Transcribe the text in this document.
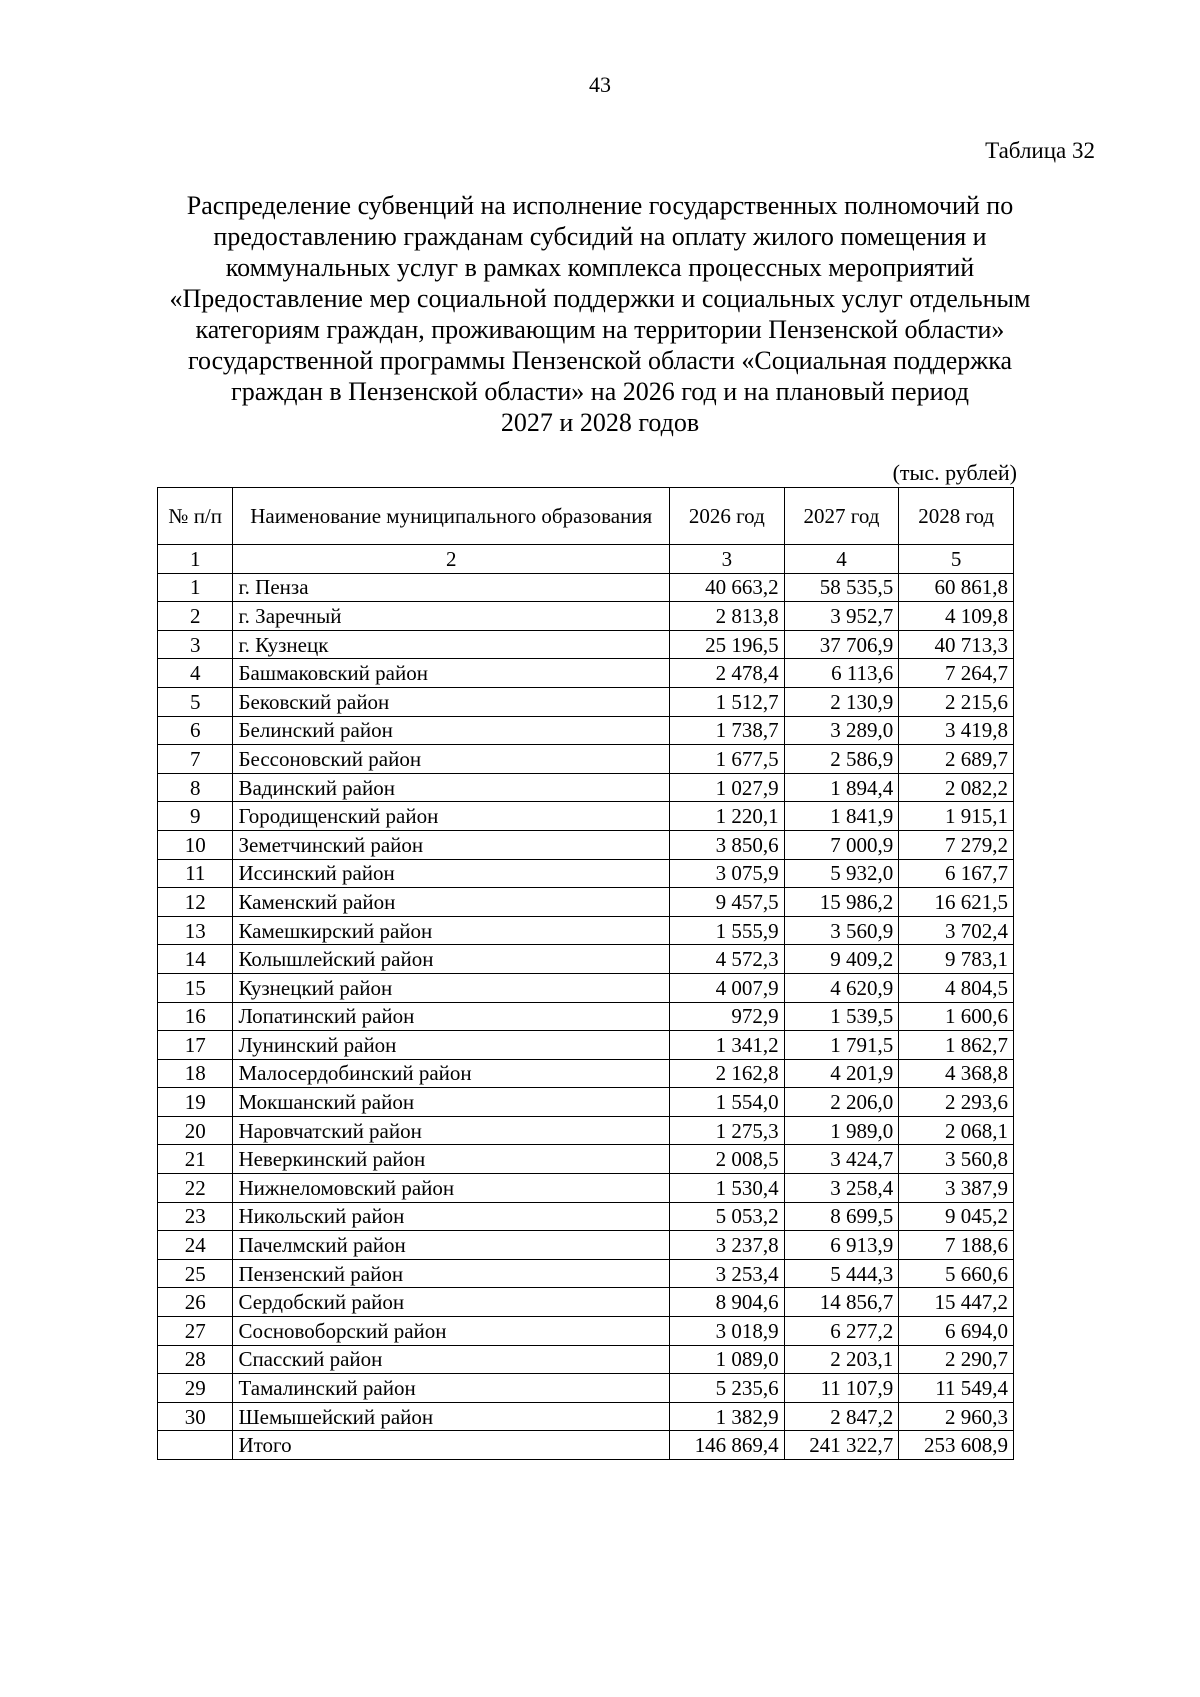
43
Таблица 32
Распределение субвенций на исполнение государственных полномочий по
предоставлению гражданам субсидий на оплату жилого помещения и
коммунальных услуг в рамках комплекса процессных мероприятий
«Предоставление мер социальной поддержки и социальных услуг отдельным
категориям граждан, проживающим на территории Пензенской области»
государственной программы Пензенской области «Социальная поддержка
граждан в Пензенской области» на 2026 год и на плановый период
2027 и 2028 годов
(тыс. рублей)
№ п/п	Наименование муниципального образования	2026 год	2027 год	2028 год
1	2	3	4	5
1	г. Пенза	40 663,2	58 535,5	60 861,8
2	г. Заречный	2 813,8	3 952,7	4 109,8
3	г. Кузнецк	25 196,5	37 706,9	40 713,3
4	Башмаковский район	2 478,4	6 113,6	7 264,7
5	Бековский район	1 512,7	2 130,9	2 215,6
6	Белинский район	1 738,7	3 289,0	3 419,8
7	Бессоновский район	1 677,5	2 586,9	2 689,7
8	Вадинский район	1 027,9	1 894,4	2 082,2
9	Городищенский район	1 220,1	1 841,9	1 915,1
10	Земетчинский район	3 850,6	7 000,9	7 279,2
11	Иссинский район	3 075,9	5 932,0	6 167,7
12	Каменский район	9 457,5	15 986,2	16 621,5
13	Камешкирский район	1 555,9	3 560,9	3 702,4
14	Колышлейский район	4 572,3	9 409,2	9 783,1
15	Кузнецкий район	4 007,9	4 620,9	4 804,5
16	Лопатинский район	972,9	1 539,5	1 600,6
17	Лунинский район	1 341,2	1 791,5	1 862,7
18	Малосердобинский район	2 162,8	4 201,9	4 368,8
19	Мокшанский район	1 554,0	2 206,0	2 293,6
20	Наровчатский район	1 275,3	1 989,0	2 068,1
21	Неверкинский район	2 008,5	3 424,7	3 560,8
22	Нижнеломовский район	1 530,4	3 258,4	3 387,9
23	Никольский район	5 053,2	8 699,5	9 045,2
24	Пачелмский район	3 237,8	6 913,9	7 188,6
25	Пензенский район	3 253,4	5 444,3	5 660,6
26	Сердобский район	8 904,6	14 856,7	15 447,2
27	Сосновоборский район	3 018,9	6 277,2	6 694,0
28	Спасский район	1 089,0	2 203,1	2 290,7
29	Тамалинский район	5 235,6	11 107,9	11 549,4
30	Шемышейский район	1 382,9	2 847,2	2 960,3
	Итого	146 869,4	241 322,7	253 608,9
